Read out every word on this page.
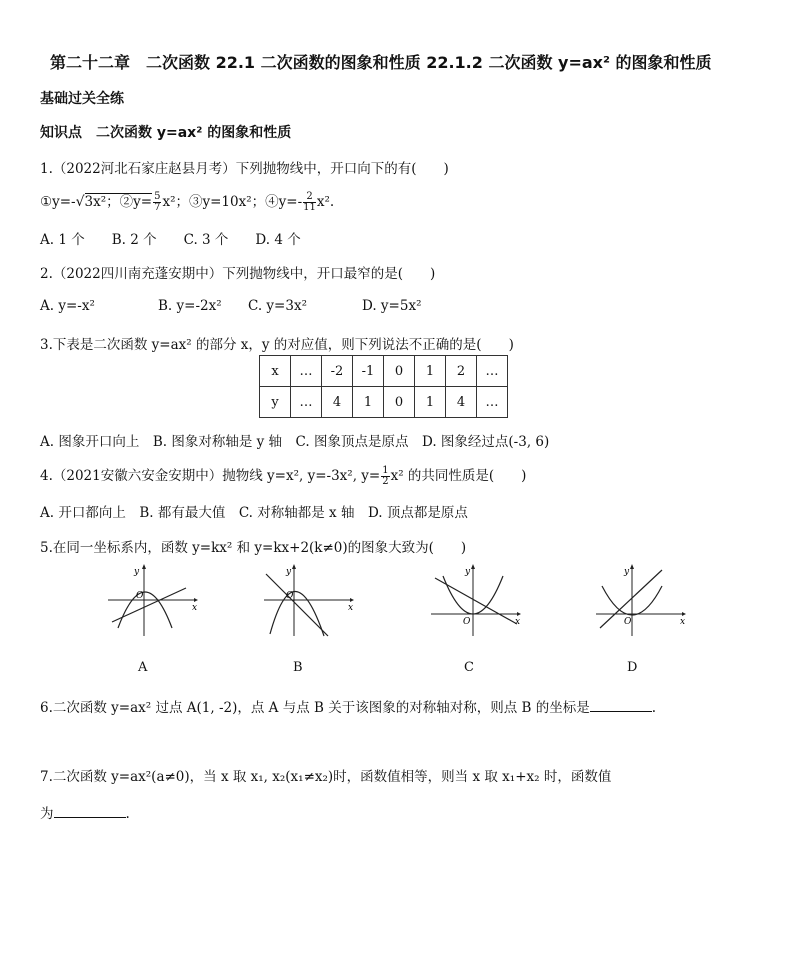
第二十二章　二次函数 22.1 二次函数的图象和性质 22.1.2 二次函数 y=ax² 的图象和性质
基础过关全练
知识点　二次函数 y=ax² 的图象和性质
1.（2022河北石家庄赵县月考）下列抛物线中，开口向下的有(　　)
①y=-√3x²；②y= $\frac{5}{7} x^2$；③y=10x²；④y=- $\frac{2}{11} x^2$.
A. 1 个　　B. 2 个　　C. 3 个　　D. 4 个
2.（2022四川南充蓬安期中）下列抛物线中，开口最窄的是(　　)
A. y=-x²	B. y=-2x² C. y=3x²	D. y=5x²
3.下表是二次函数 y=ax² 的部分 x，y 的对应值，则下列说法不正确的是(　　)
x	…	-2	-1	0	1	2	…
y	…	4	1	0	1	4	…
A. 图象开口向上　B. 图象对称轴是 y 轴　C. 图象顶点是原点　D. 图象经过点(-3, 6)
4.（2021安徽六安金安期中）抛物线 y=x², y=-3x², $y= \frac{1}{2} x^2$ 的共同性质是(　　)
A. 开口都向上　B. 都有最大值　C. 对称轴都是 x 轴　D. 顶点都是原点
5.在同一坐标系内，函数 y=kx² 和 y=kx+2(k≠0)的图象大致为(　　)
y
x
O
A
y
x
O
B
y
x
O
C
y
x
O
D
6.二次函数 y=ax² 过点 A(1, -2)，点 A 与点 B 关于该图象的对称轴对称，则点 B 的坐标是	.
7.二次函数 y=ax²(a≠0)，当 x 取 x₁, x₂(x₁≠x₂)时，函数值相等，则当 x 取 x₁+x₂ 时，函数值
为	.
